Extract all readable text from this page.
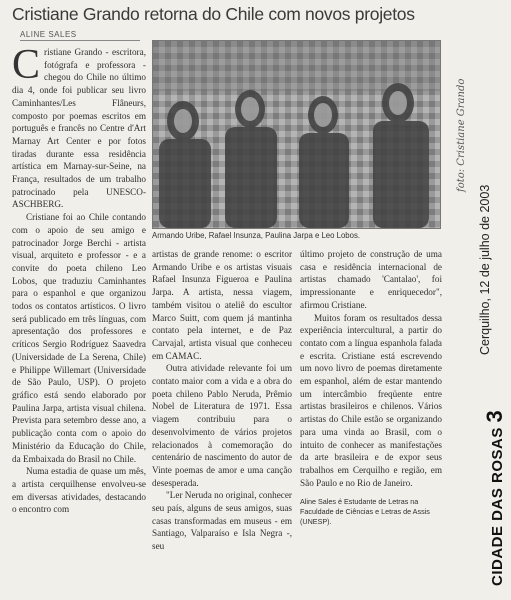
Cristiane Grando retorna do Chile com novos projetos
ALINE SALES

C ristiane Grando - escritora, fotógrafa e professora - chegou do Chile no último dia 4, onde foi publicar seu livro Caminhantes/Les Flâneurs, composto por poemas escritos em português e francês no Centre d'Art Marnay Art Center e por fotos tiradas durante essa residência artística em Marnay-sur-Seine, na França, resultados de um trabalho patrocinado pela UNESCO-ASCHBERG.

Cristiane foi ao Chile contando com o apoio de seu amigo e patrocinador Jorge Berchi - artista visual, arquiteto e professor - e a convite do poeta chileno Leo Lobos, que traduziu Caminhantes para o espanhol e que organizou todos os contatos artísticos. O livro será publicado em três línguas, com apresentação dos professores e críticos Sergio Rodríguez Saavedra (Universidade de La Serena, Chile) e Philippe Willemart (Universidade de São Paulo, USP). O projeto gráfico está sendo elaborado por Paulina Jarpa, artista visual chilena. Prevista para setembro desse ano, a publicação conta com o apoio do Ministério da Educação do Chile, da Embaixada do Brasil no Chile.

Numa estadia de quase um mês, a artista cerquilhense envolveu-se em diversas atividades, destacando o encontro com

Armando Uribe, Rafael Insunza, Paulina Jarpa e Leo Lobos.

artistas de grande renome: o escritor Armando Uribe e os artistas visuais Rafael Insunza Figueroa e Paulina Jarpa. A artista, nessa viagem, também visitou o ateliê do escultor Marco Suitt, com quem já mantinha contato pela internet, e de Paz Carvajal, artista visual que conheceu em CAMAC.

Outra atividade relevante foi um contato maior com a vida e a obra do poeta chileno Pablo Neruda, Prêmio Nobel de Literatura de 1971. Essa viagem contribuiu para o desenvolvimento de vários projetos relacionados à comemoração do centenário de nascimento do autor de Vinte poemas de amor e uma canção desesperada.

"Ler Neruda no original, conhecer seu país, alguns de seus amigos, suas casas transformadas em museus - em Santiago, Valparaíso e Isla Negra -, seu

último projeto de construção de uma casa e residência internacional de artistas chamado 'Cantalao', foi impressionante e enriquecedor", afirmou Cristiane.

Muitos foram os resultados dessa experiência intercultural, a partir do contato com a língua espanhola falada e escrita. Cristiane está escrevendo um novo livro de poemas diretamente em espanhol, além de estar mantendo um intercâmbio freqüente entre artistas brasileiros e chilenos. Vários artistas do Chile estão se organizando para uma vinda ao Brasil, com o intuito de conhecer as manifestações da arte brasileira e de expor seus trabalhos em Cerquilho e região, em São Paulo e no Rio de Janeiro.

Aline Sales é Estudante de Letras na Faculdade de Ciências e Letras de Assis (UNESP).

foto: Cristiane Grando
Cerquilho, 12 de julho de 2003
CIDADE DAS ROSAS 3
